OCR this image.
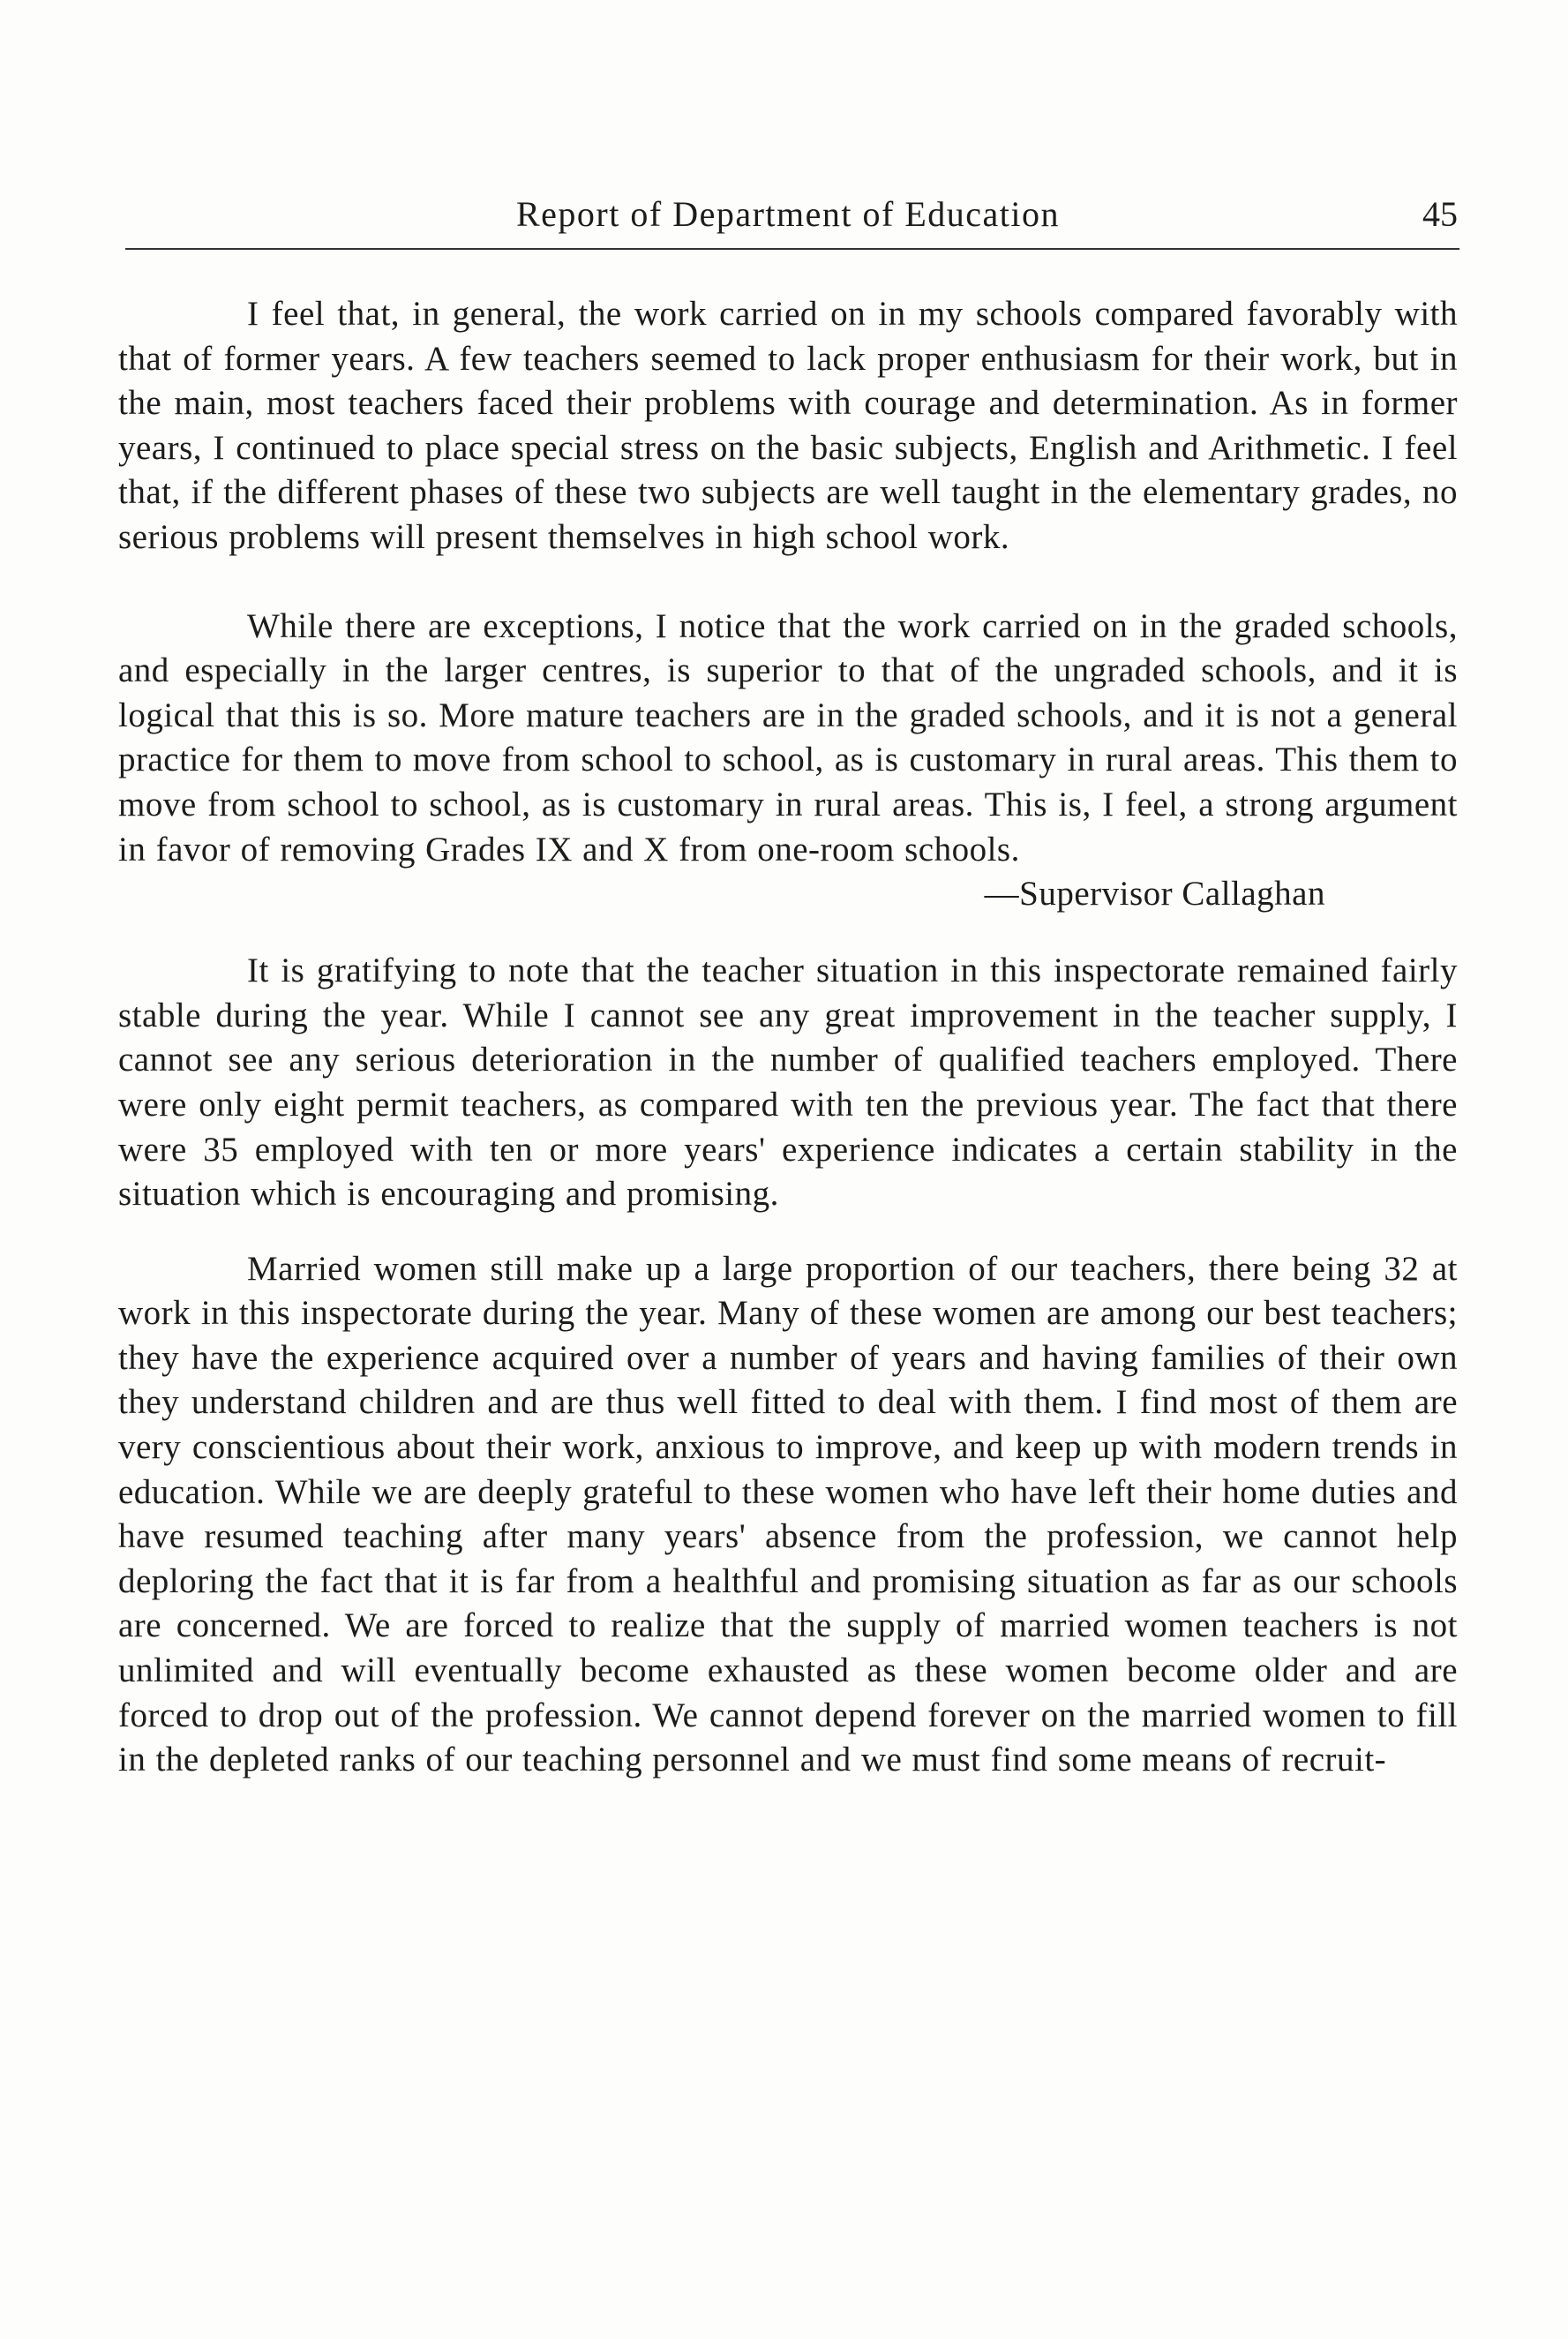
Report of Department of Education	45

I feel that, in general, the work carried on in my schools compared favorably with that of former years. A few teachers seemed to lack proper enthusiasm for their work, but in the main, most teachers faced their problems with courage and determination. As in former years, I continued to place special stress on the basic subjects, English and Arithmetic. I feel that, if the different phases of these two subjects are well taught in the elementary grades, no serious problems will present themselves in high school work.

While there are exceptions, I notice that the work carried on in the graded schools, and especially in the larger centres, is superior to that of the ungraded schools, and it is logical that this is so. More mature teachers are in the graded schools, and it is not a general practice for them to move from school to school, as is customary in rural areas. This them to move from school to school, as is customary in rural areas. This is, I feel, a strong argument in favor of removing Grades IX and X from one-room schools.

—Supervisor Callaghan

It is gratifying to note that the teacher situation in this inspectorate remained fairly stable during the year. While I cannot see any great improvement in the teacher supply, I cannot see any serious deterioration in the number of qualified teachers employed. There were only eight permit teachers, as compared with ten the previous year. The fact that there were 35 employed with ten or more years' experience indicates a certain stability in the situation which is encouraging and promising.

Married women still make up a large proportion of our teachers, there being 32 at work in this inspectorate during the year. Many of these women are among our best teachers; they have the experience acquired over a number of years and having families of their own they understand children and are thus well fitted to deal with them. I find most of them are very conscientious about their work, anxious to improve, and keep up with modern trends in education. While we are deeply grateful to these women who have left their home duties and have resumed teaching after many years' absence from the profession, we cannot help deploring the fact that it is far from a healthful and promising situation as far as our schools are concerned. We are forced to realize that the supply of married women teachers is not unlimited and will eventually become exhausted as these women become older and are forced to drop out of the profession. We cannot depend forever on the married women to fill in the depleted ranks of our teaching personnel and we must find some means of recruit-
